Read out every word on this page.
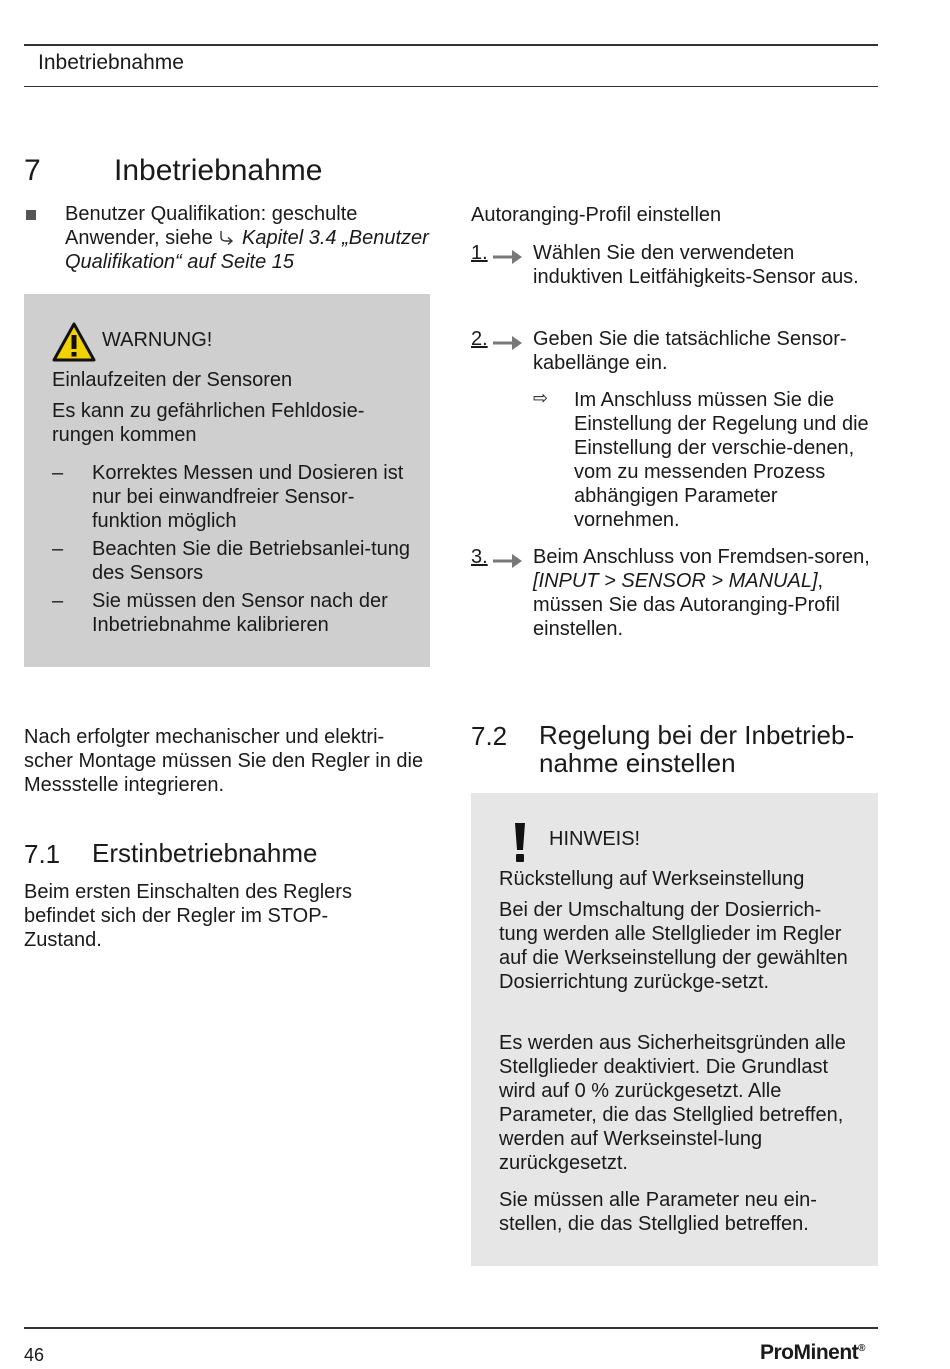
Inbetriebnahme
7 Inbetriebnahme

Benutzer Qualifikation: geschulte Anwender, siehe  Kapitel 3.4 „Benutzer Qualifikation“ auf Seite 15

WARNUNG!
Einlaufzeiten der Sensoren

Es kann zu gefährlichen Fehldosie-rungen kommen

– Korrektes Messen und Dosieren ist nur bei einwandfreier Sensor-funktion möglich

– Beachten Sie die Betriebsanlei-tung des Sensors

– Sie müssen den Sensor nach der Inbetriebnahme kalibrieren

Nach erfolgter mechanischer und elektri-scher Montage müssen Sie den Regler in die Messstelle integrieren.

7.1 Erstinbetriebnahme

Beim ersten Einschalten des Reglers befindet sich der Regler im STOP-Zustand.

Autoranging-Profil einstellen
1. Wählen Sie den verwendeten induktiven Leitfähigkeits-Sensor aus.

2. Geben Sie die tatsächliche Sensor-kabellänge ein.

⇨ Im Anschluss müssen Sie die Einstellung der Regelung und die Einstellung der verschie-denen, vom zu messenden Prozess abhängigen Parameter vornehmen.

3. Beim Anschluss von Fremdsen-soren,
[INPUT > SENSOR > MANUAL], müssen Sie das Autoranging-Profil einstellen.

7.2 Regelung bei der Inbetrieb-nahme einstellen
HINWEIS!
Rückstellung auf Werkseinstellung

Bei der Umschaltung der Dosierrich-tung werden alle Stellglieder im Regler auf die Werkseinstellung der gewählten Dosierrichtung zurückge-setzt.

Es werden aus Sicherheitsgründen alle Stellglieder deaktiviert. Die Grundlast wird auf 0 % zurückgesetzt. Alle Parameter, die das Stellglied betreffen, werden auf Werkseinstel-lung zurückgesetzt.

Sie müssen alle Parameter neu ein-stellen, die das Stellglied betreffen.

46	ProMinent®
